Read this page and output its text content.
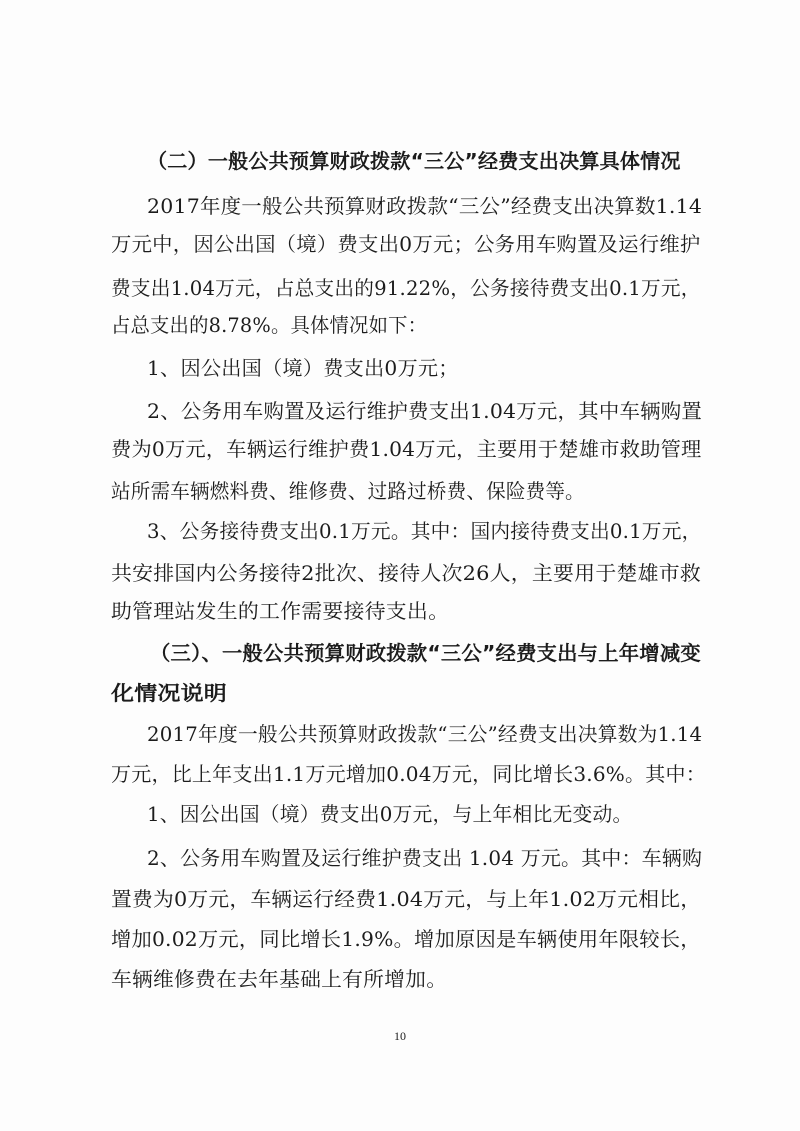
（二）一般公共预算财政拨款“三公”经费支出决算具体情况
2017年度一般公共预算财政拨款“三公”经费支出决算数1.14
万元中，因公出国（境）费支出0万元；公务用车购置及运行维护
费支出1.04万元，占总支出的91.22%，公务接待费支出0.1万元，
占总支出的8.78%。具体情况如下：
1、因公出国（境）费支出0万元；
2、公务用车购置及运行维护费支出1.04万元，其中车辆购置
费为0万元，车辆运行维护费1.04万元，主要用于楚雄市救助管理
站所需车辆燃料费、维修费、过路过桥费、保险费等。
3、公务接待费支出0.1万元。其中：国内接待费支出0.1万元，
共安排国内公务接待2批次、接待人次26人，主要用于楚雄市救
助管理站发生的工作需要接待支出。
（三）、一般公共预算财政拨款“三公”经费支出与上年增减变
化情况说明
2017年度一般公共预算财政拨款“三公”经费支出决算数为1.14
万元，比上年支出1.1万元增加0.04万元，同比增长3.6%。其中：
1、因公出国（境）费支出0万元，与上年相比无变动。
2、公务用车购置及运行维护费支出 1.04 万元。其中：车辆购
置费为0万元，车辆运行经费1.04万元，与上年1.02万元相比，
增加0.02万元，同比增长1.9%。增加原因是车辆使用年限较长，
车辆维修费在去年基础上有所增加。
10
